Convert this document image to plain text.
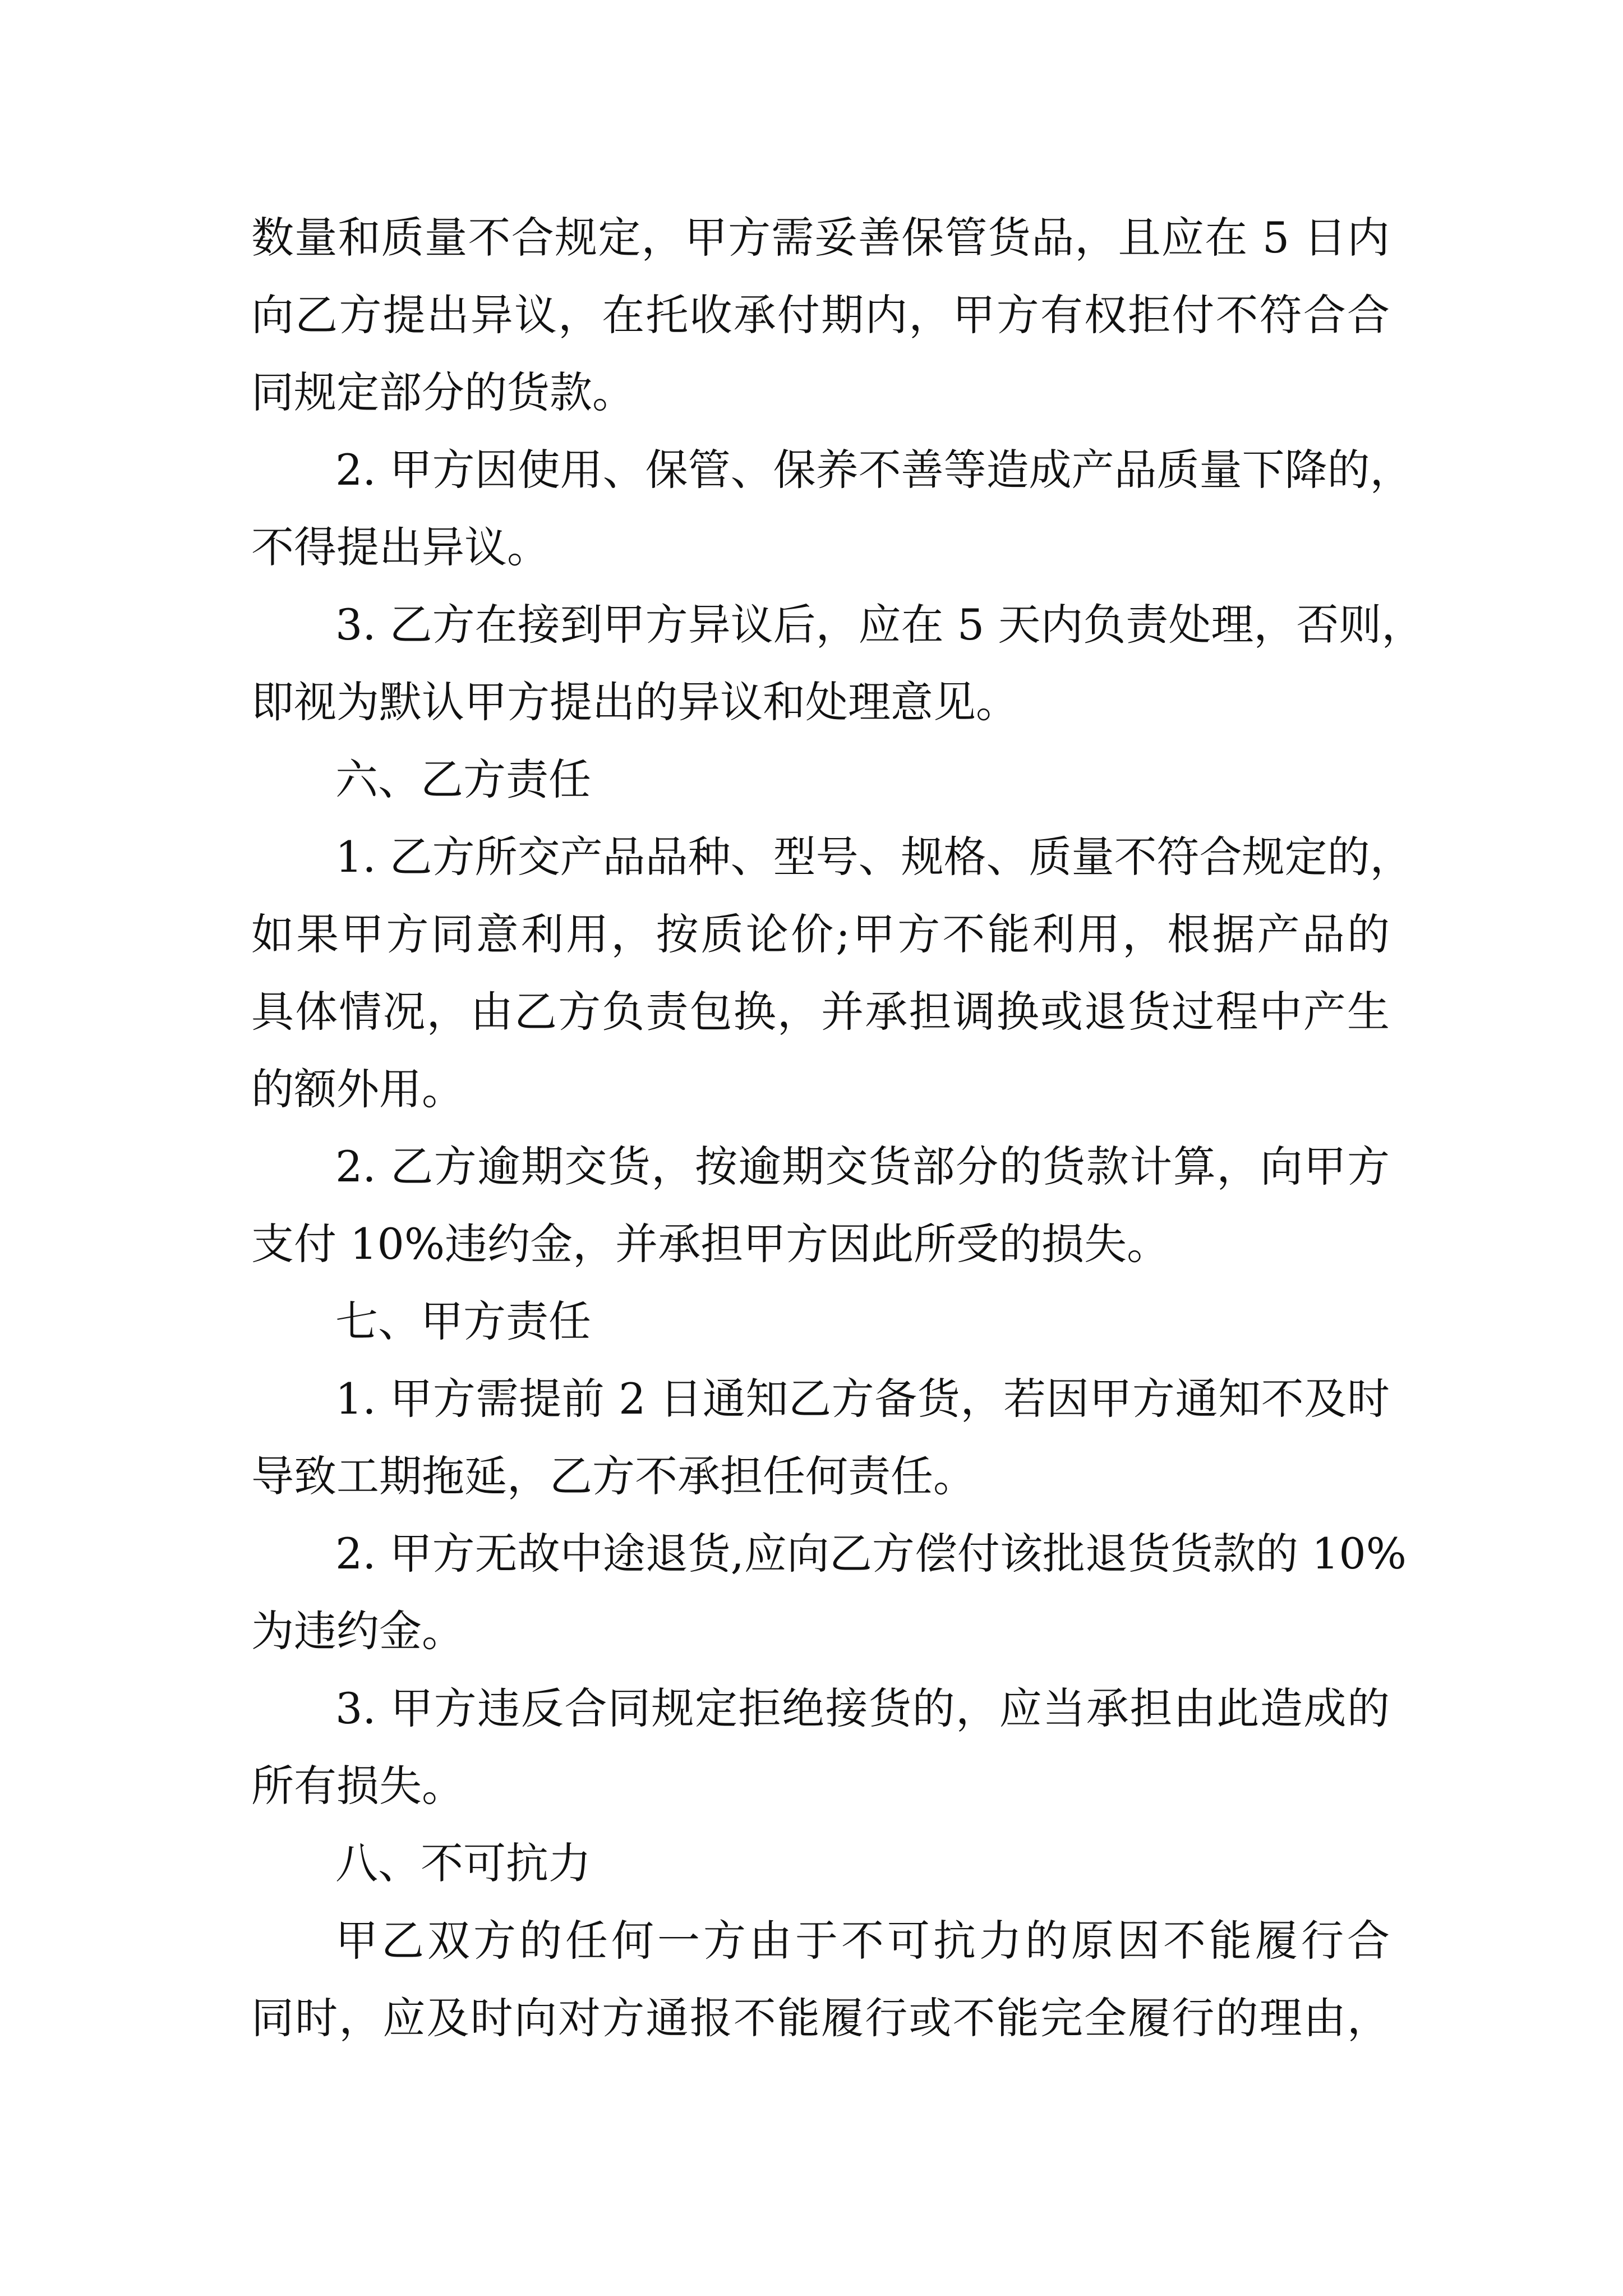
数量和质量不合规定，甲方需妥善保管货品，且应在 5 日内
向乙方提出异议，在托收承付期内，甲方有权拒付不符合合
同规定部分的货款。
2. 甲方因使用、保管、保养不善等造成产品质量下降的，
不得提出异议。
3. 乙方在接到甲方异议后，应在 5 天内负责处理，否则，
即视为默认甲方提出的异议和处理意见。
六、乙方责任
1. 乙方所交产品品种、型号、规格、质量不符合规定的，
如果甲方同意利用，按质论价;甲方不能利用，根据产品的
具体情况，由乙方负责包换，并承担调换或退货过程中产生
的额外用。
2. 乙方逾期交货，按逾期交货部分的货款计算，向甲方
支付 10%违约金，并承担甲方因此所受的损失。
七、甲方责任
1. 甲方需提前 2 日通知乙方备货，若因甲方通知不及时
导致工期拖延，乙方不承担任何责任。
2. 甲方无故中途退货,应向乙方偿付该批退货货款的 10%
为违约金。
3. 甲方违反合同规定拒绝接货的，应当承担由此造成的
所有损失。
八、不可抗力
甲乙双方的任何一方由于不可抗力的原因不能履行合
同时，应及时向对方通报不能履行或不能完全履行的理由，
